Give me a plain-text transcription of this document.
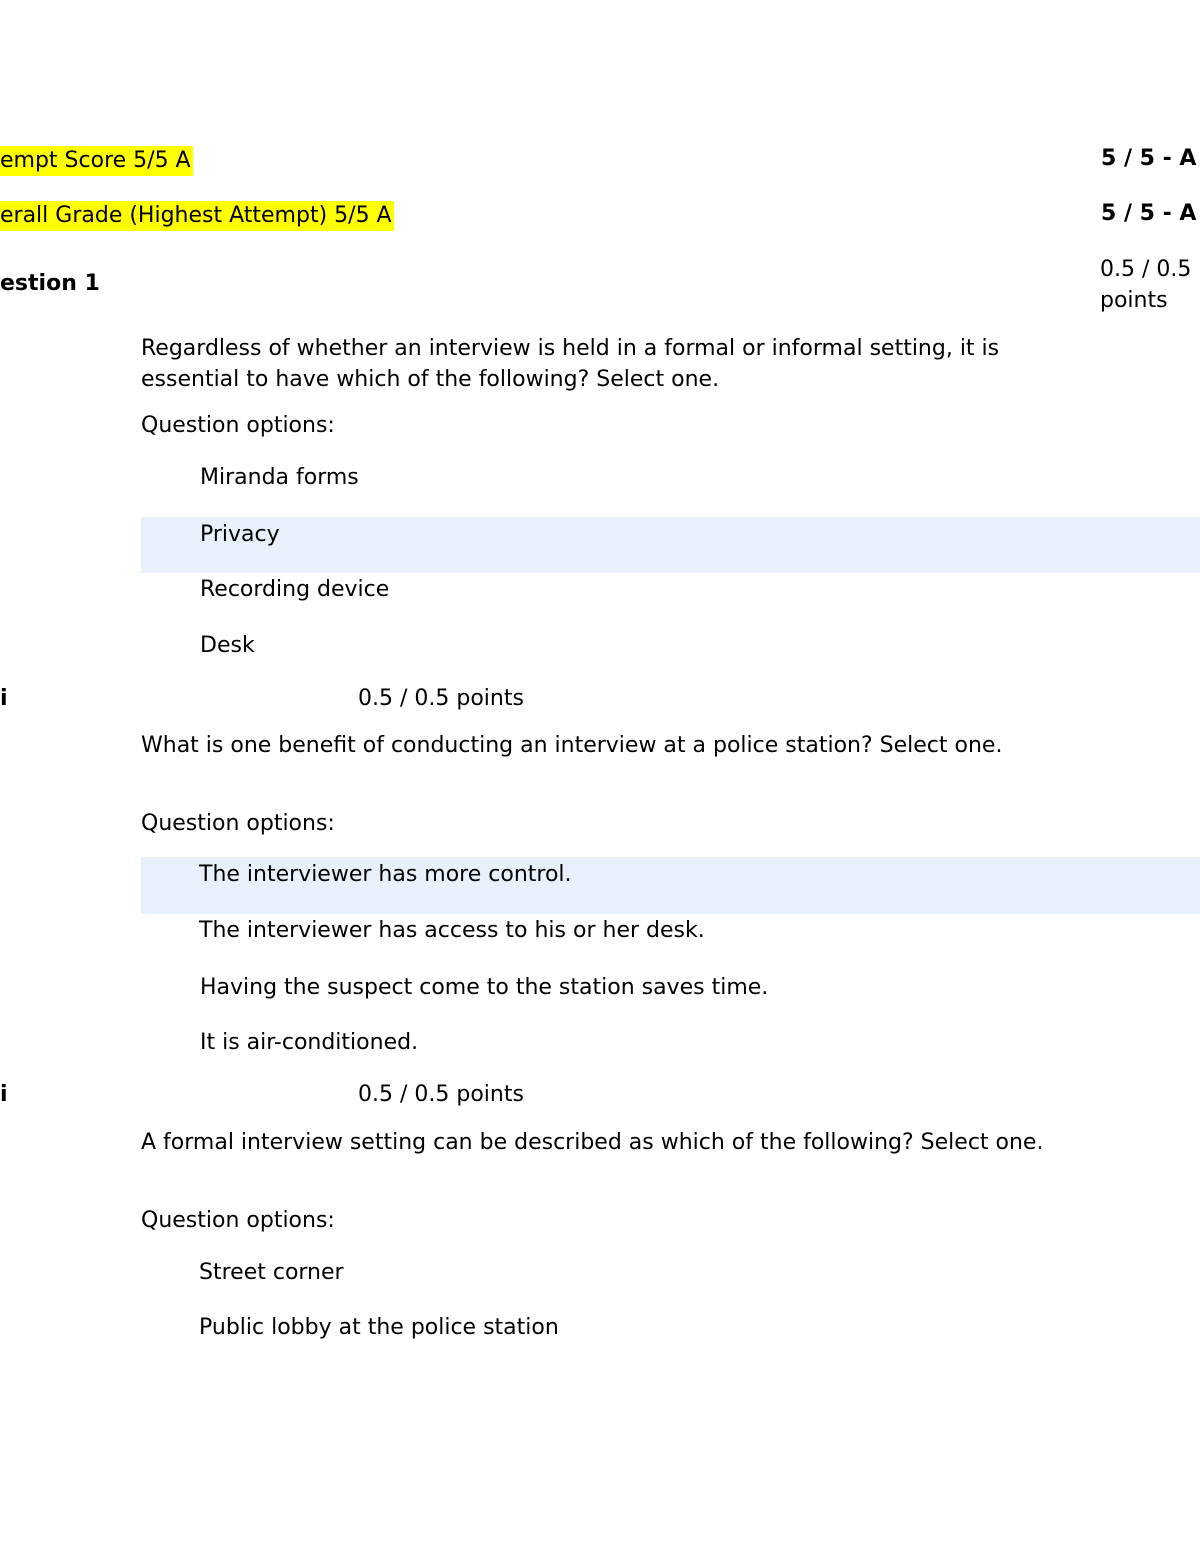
empt Score 5/5 A	5 / 5 - A
erall Grade (Highest Attempt) 5/5 A	5 / 5 - A
estion 1
0.5 / 0.5 points
Regardless of whether an interview is held in a formal or informal setting, it is essential to have which of the following? Select one.
Question options:
Miranda forms
Privacy
Recording device
Desk
i	0.5 / 0.5 points
What is one benefit of conducting an interview at a police station? Select one.
Question options:
The interviewer has more control.
The interviewer has access to his or her desk.
Having the suspect come to the station saves time.
It is air-conditioned.
i	0.5 / 0.5 points
A formal interview setting can be described as which of the following? Select one.
Question options:
Street corner
Public lobby at the police station
